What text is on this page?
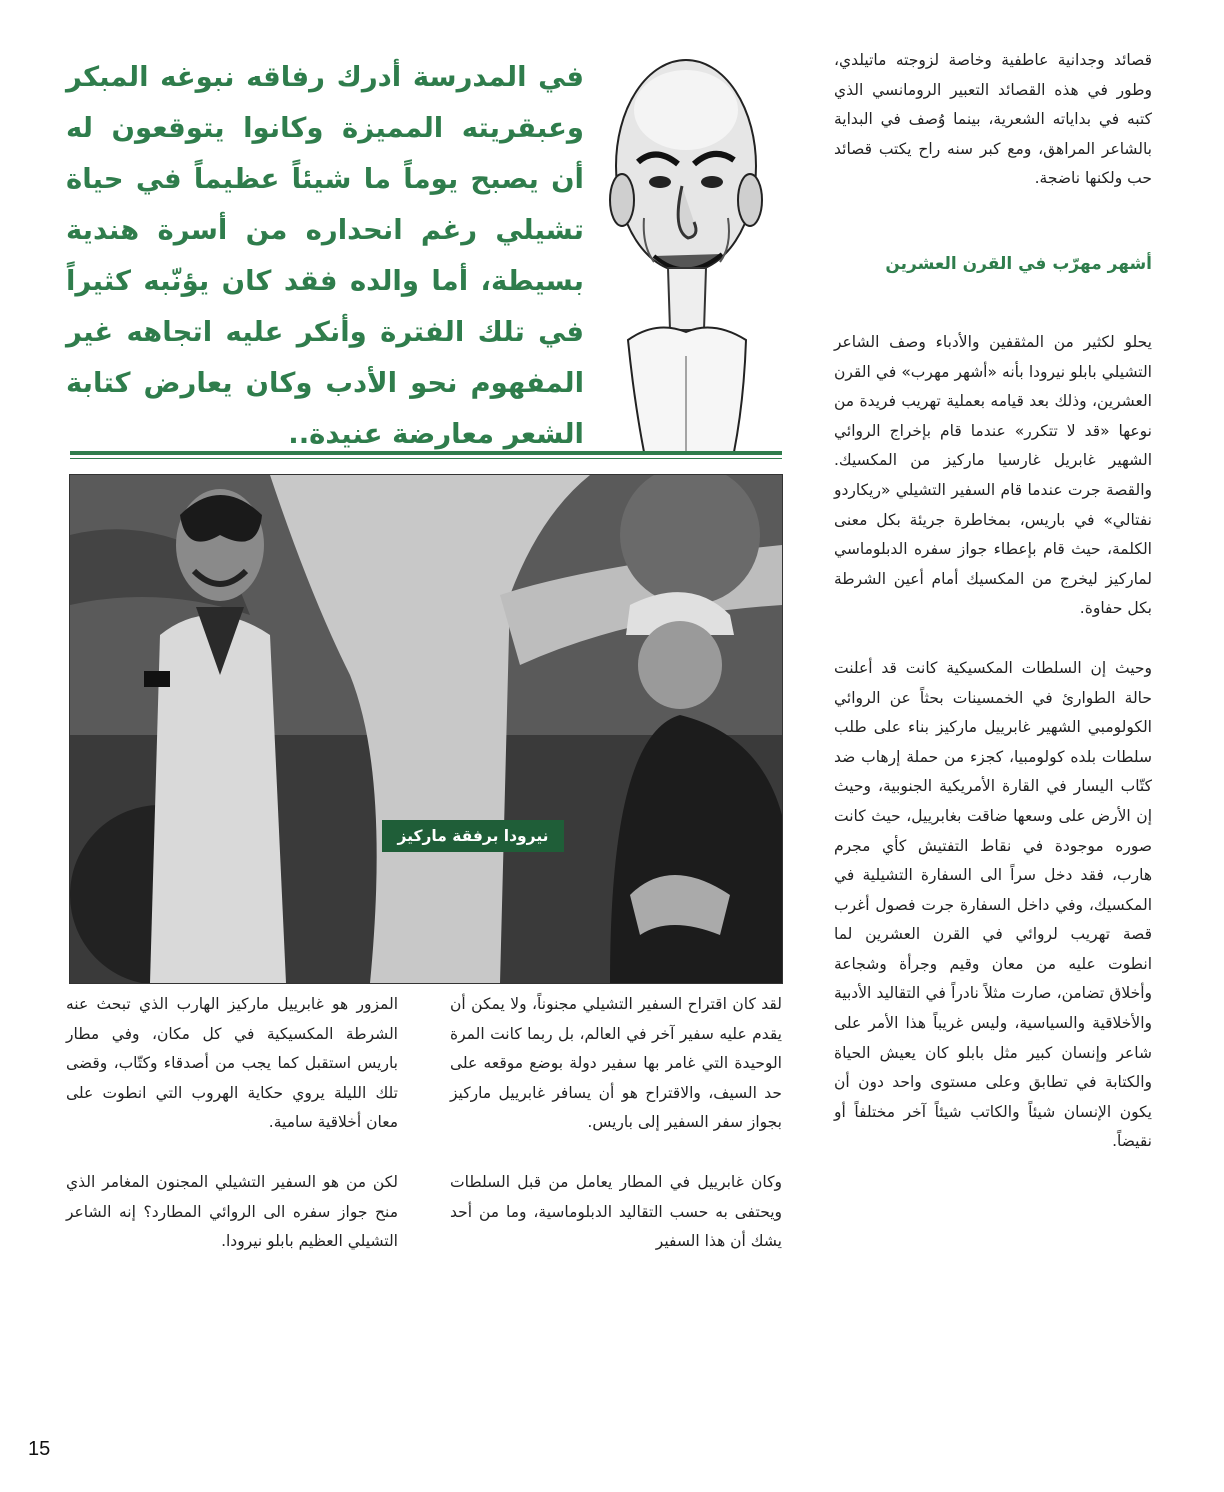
قصائد وجدانية عاطفية وخاصة لزوجته ماتيلدي، وطور في هذه القصائد التعبير الرومانسي الذي كتبه في بداياته الشعرية، بينما وُصف في البداية بالشاعر المراهق، ومع كبر سنه راح يكتب قصائد حب ولكنها ناضجة.

أشهر مهرّب في القرن العشرين

يحلو لكثير من المثقفين والأدباء وصف الشاعر التشيلي بابلو نيرودا بأنه «أشهر مهرب» في القرن العشرين، وذلك بعد قيامه بعملية تهريب فريدة من نوعها «قد لا تتكرر» عندما قام بإخراج الروائي الشهير غابريل غارسيا ماركيز من المكسيك. والقصة جرت عندما قام السفير التشيلي «ريكاردو نفتالي» في باريس، بمخاطرة جريئة بكل معنى الكلمة، حيث قام بإعطاء جواز سفره الدبلوماسي لماركيز ليخرج من المكسيك أمام أعين الشرطة بكل حفاوة.

وحيث إن السلطات المكسيكية كانت قد أعلنت حالة الطوارئ في الخمسينات بحثاً عن الروائي الكولومبي الشهير غابرييل ماركيز بناء على طلب سلطات بلده كولومبيا، كجزء من حملة إرهاب ضد كتّاب اليسار في القارة الأمريكية الجنوبية، وحيث إن الأرض على وسعها ضاقت بغابرييل، حيث كانت صوره موجودة في نقاط التفتيش كأي مجرم هارب، فقد دخل سراً الى السفارة التشيلية في المكسيك، وفي داخل السفارة جرت فصول أغرب قصة تهريب لروائي في القرن العشرين لما انطوت عليه من معان وقيم وجرأة وشجاعة وأخلاق تضامن، صارت مثلاً نادراً في التقاليد الأدبية والأخلاقية والسياسية، وليس غريباً هذا الأمر على شاعر وإنسان كبير مثل بابلو كان يعيش الحياة والكتابة في تطابق وعلى مستوى واحد دون أن يكون الإنسان شيئاً والكاتب شيئاً آخر مختلفاً أو نقيضاً.

في المدرسة أدرك رفاقه نبوغه المبكر وعبقريته المميزة وكانوا يتوقعون له أن يصبح يوماً ما شيئاً عظيماً في حياة تشيلي رغم انحداره من أسرة هندية بسيطة، أما والده فقد كان يؤنّبه كثيراً في تلك الفترة وأنكر عليه اتجاهه غير المفهوم نحو الأدب وكان يعارض كتابة الشعر معارضة عنيدة..

نيرودا برفقة ماركيز

لقد كان اقتراح السفير التشيلي مجنوناً، ولا يمكن أن يقدم عليه سفير آخر في العالم، بل ربما كانت المرة الوحيدة التي غامر بها سفير دولة بوضع موقعه على حد السيف، والاقتراح هو أن يسافر غابرييل ماركيز بجواز سفر السفير إلى باريس.

وكان غابرييل في المطار يعامل من قبل السلطات ويحتفى به حسب التقاليد الدبلوماسية، وما من أحد يشك أن هذا السفير

المزور هو غابرييل ماركيز الهارب الذي تبحث عنه الشرطة المكسيكية في كل مكان، وفي مطار باريس استقبل كما يجب من أصدقاء وكتّاب، وقضى تلك الليلة يروي حكاية الهروب التي انطوت على معان أخلاقية سامية.

لكن من هو السفير التشيلي المجنون المغامر الذي منح جواز سفره الى الروائي المطارد؟ إنه الشاعر التشيلي العظيم بابلو نيرودا.

15
